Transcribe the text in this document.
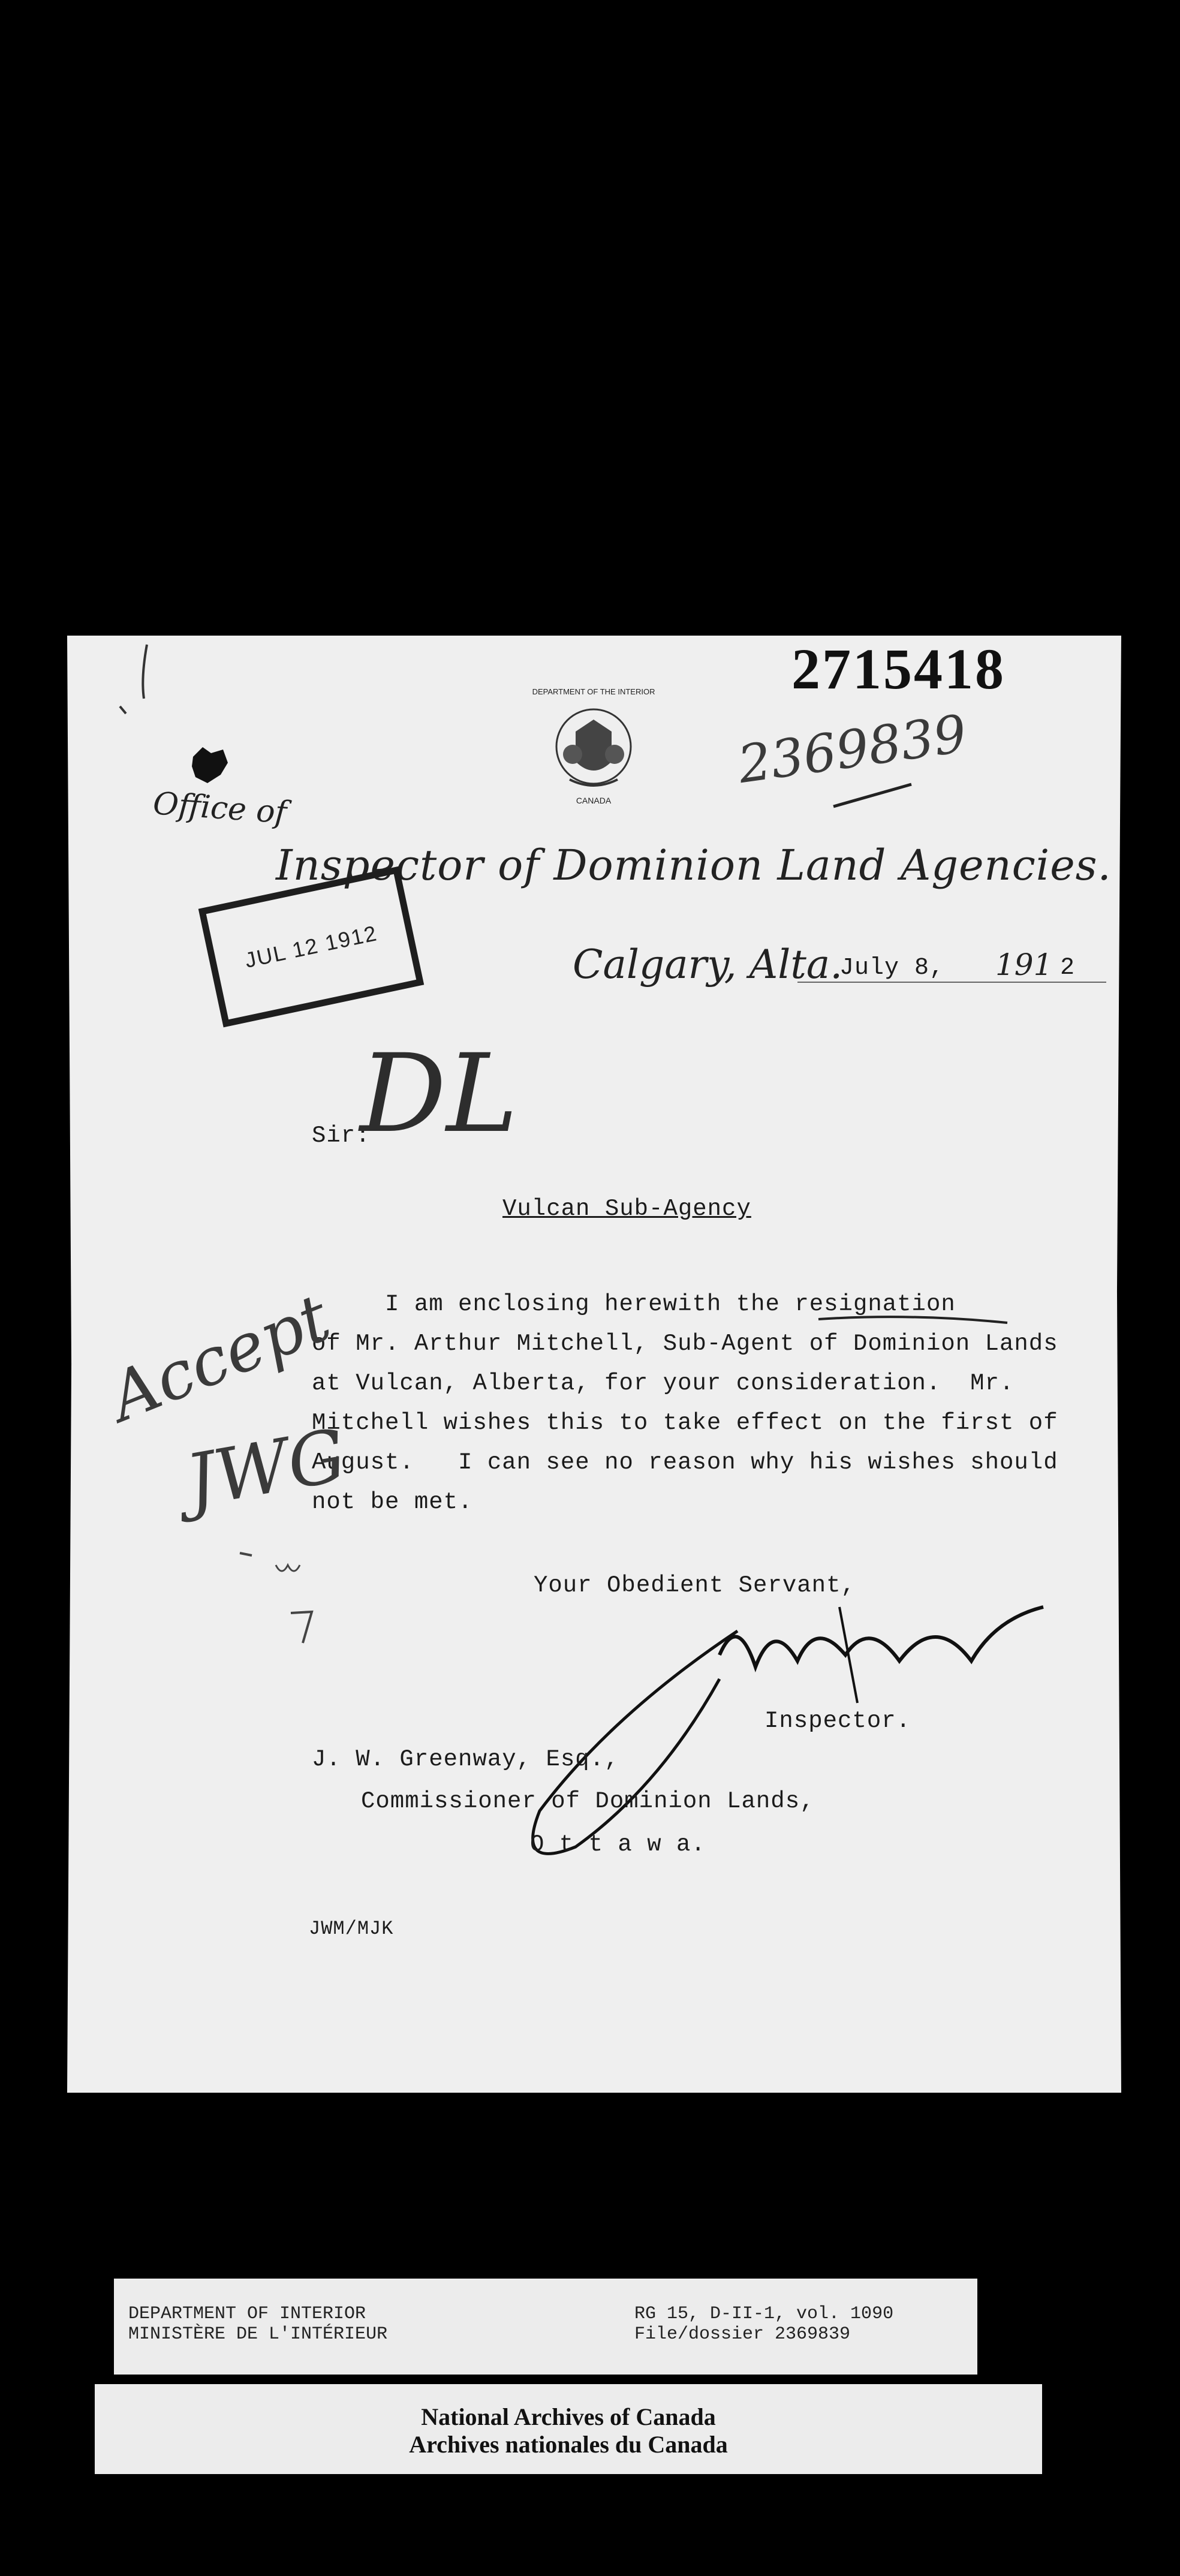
DEPARTMENT OF THE INTERIOR
CANADA
2715418
2369839
Office of
Inspector of Dominion Land Agencies.
Calgary, Alta.
July 8, 191 2
JUL 12 1912
Sir:
DL
Vulcan Sub-Agency
I am enclosing herewith the resignation
of Mr. Arthur Mitchell, Sub-Agent of Dominion Lands
at Vulcan, Alberta, for your consideration.  Mr.
Mitchell wishes this to take effect on the first of
August.   I can see no reason why his wishes should
not be met.
Accept
JWG
Your Obedient Servant,
Inspector.
J. W. Greenway, Esq.,
Commissioner of Dominion Lands,
O t t a w a.
JWM/MJK
DEPARTMENT OF INTERIOR
MINISTÈRE DE L'INTÉRIEUR
RG 15, D-II-1, vol. 1090
File/dossier 2369839
National Archives of Canada
Archives nationales du Canada
